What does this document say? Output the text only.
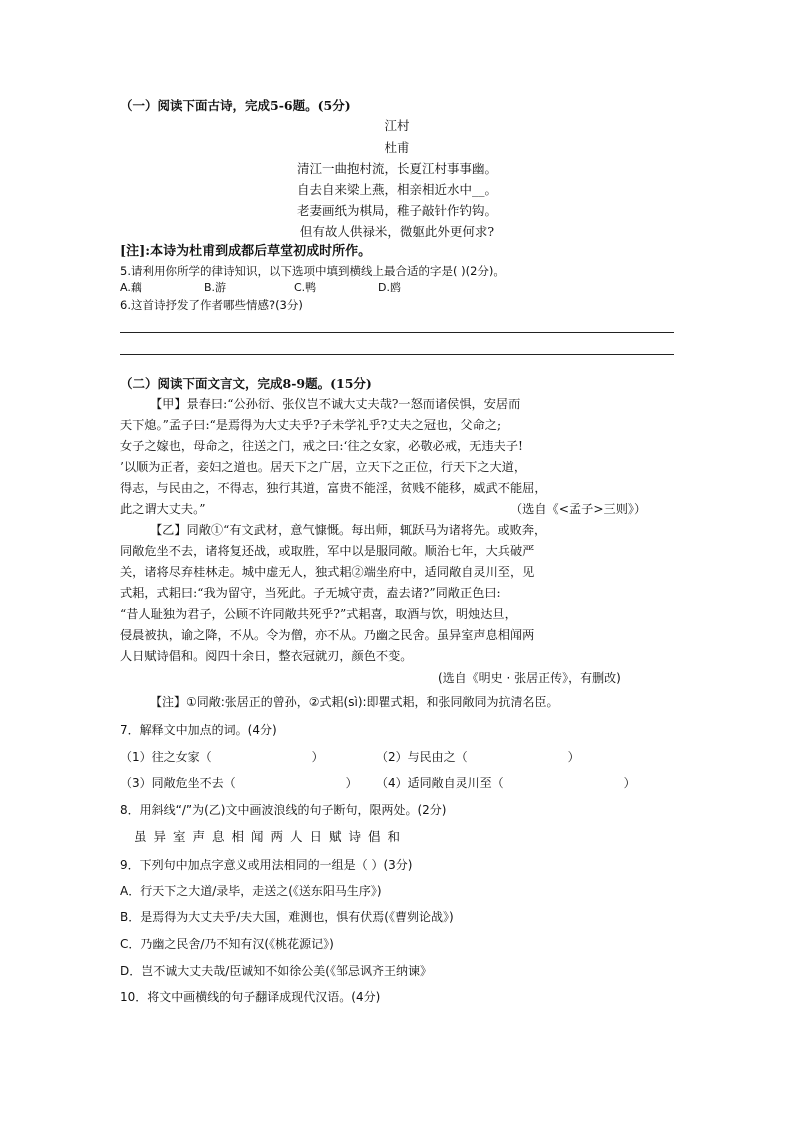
（一）阅读下面古诗，完成5-6题。(5分)
江村
杜甫
清江一曲抱村流，长夏江村事事幽。
自去自来梁上燕，相亲相近水中__。
老妻画纸为棋局，稚子敲针作钓钩。
但有故人供禄米，微躯此外更何求?
[注]:本诗为杜甫到成都后草堂初成时所作。
5.请利用你所学的律诗知识，以下选项中填到横线上最合适的字是( )(2分)。
A.藕	B.游	C.鸭	D.鸥
6.这首诗抒发了作者哪些情感?(3分)
（二）阅读下面文言文，完成8-9题。(15分)
【甲】景春曰:“公孙衍、张仪岂不诚大丈夫哉?一怒而诸侯惧，安居而
天下熄。”孟子曰:“是焉得为大丈夫乎?子未学礼乎?丈夫之冠也，父命之;
女子之嫁也，母命之，往送之门，戒之曰:‘往之女家，必敬必戒，无违夫子!
’以顺为正者，妾妇之道也。居天下之广居，立天下之正位，行天下之大道，
得志，与民由之，不得志，独行其道，富贵不能淫，贫贱不能移，威武不能屈，
此之谓大丈夫。”	（选自《<孟子>三则》）
【乙】同敞①“有文武材，意气慷慨。每出师，辄跃马为诸将先。或败奔，
同敞危坐不去，诸将复还战，或取胜，军中以是服同敞。顺治七年，大兵破严
关，诸将尽弃桂林走。城中虚无人，独式耜②端坐府中，适同敞自灵川至，见
式耜，式耜曰:“我为留守，当死此。子无城守责，盍去诸?”同敞正色曰:
“昔人耻独为君子，公顾不许同敞共死乎?”式耜喜，取酒与饮，明烛达旦，
侵晨被执，谕之降，不从。令为僧，亦不从。乃幽之民舍。虽异室声息相闻两
人日赋诗倡和。阅四十余日，整衣冠就刃，颜色不变。
(选自《明史 · 张居正传》，有删改)
【注】①同敞:张居正的曾孙，②式耜(sì):即瞿式耜，和张同敞同为抗清名臣。
7．解释文中加点的词。(4分)
（1）往之女家（	）	（2）与民由之（	）
（3）同敞危坐不去（	） （4）适同敞自灵川至（	）
8．用斜线“/”为(乙)文中画波浪线的句子断句，限两处。(2分)
虽异室声息相闻两人日赋诗倡和
9．下列句中加点字意义或用法相同的一组是（ ）(3分)
A．行天下之大道/录毕，走送之(《送东阳马生序》)
B．是焉得为大丈夫乎/夫大国，难测也，惧有伏焉(《曹刿论战》)
C．乃幽之民舍/乃不知有汉(《桃花源记》)
D．岂不诚大丈夫哉/臣诚知不如徐公美(《邹忌讽齐王纳谏》
10．将文中画横线的句子翻译成现代汉语。(4分)
